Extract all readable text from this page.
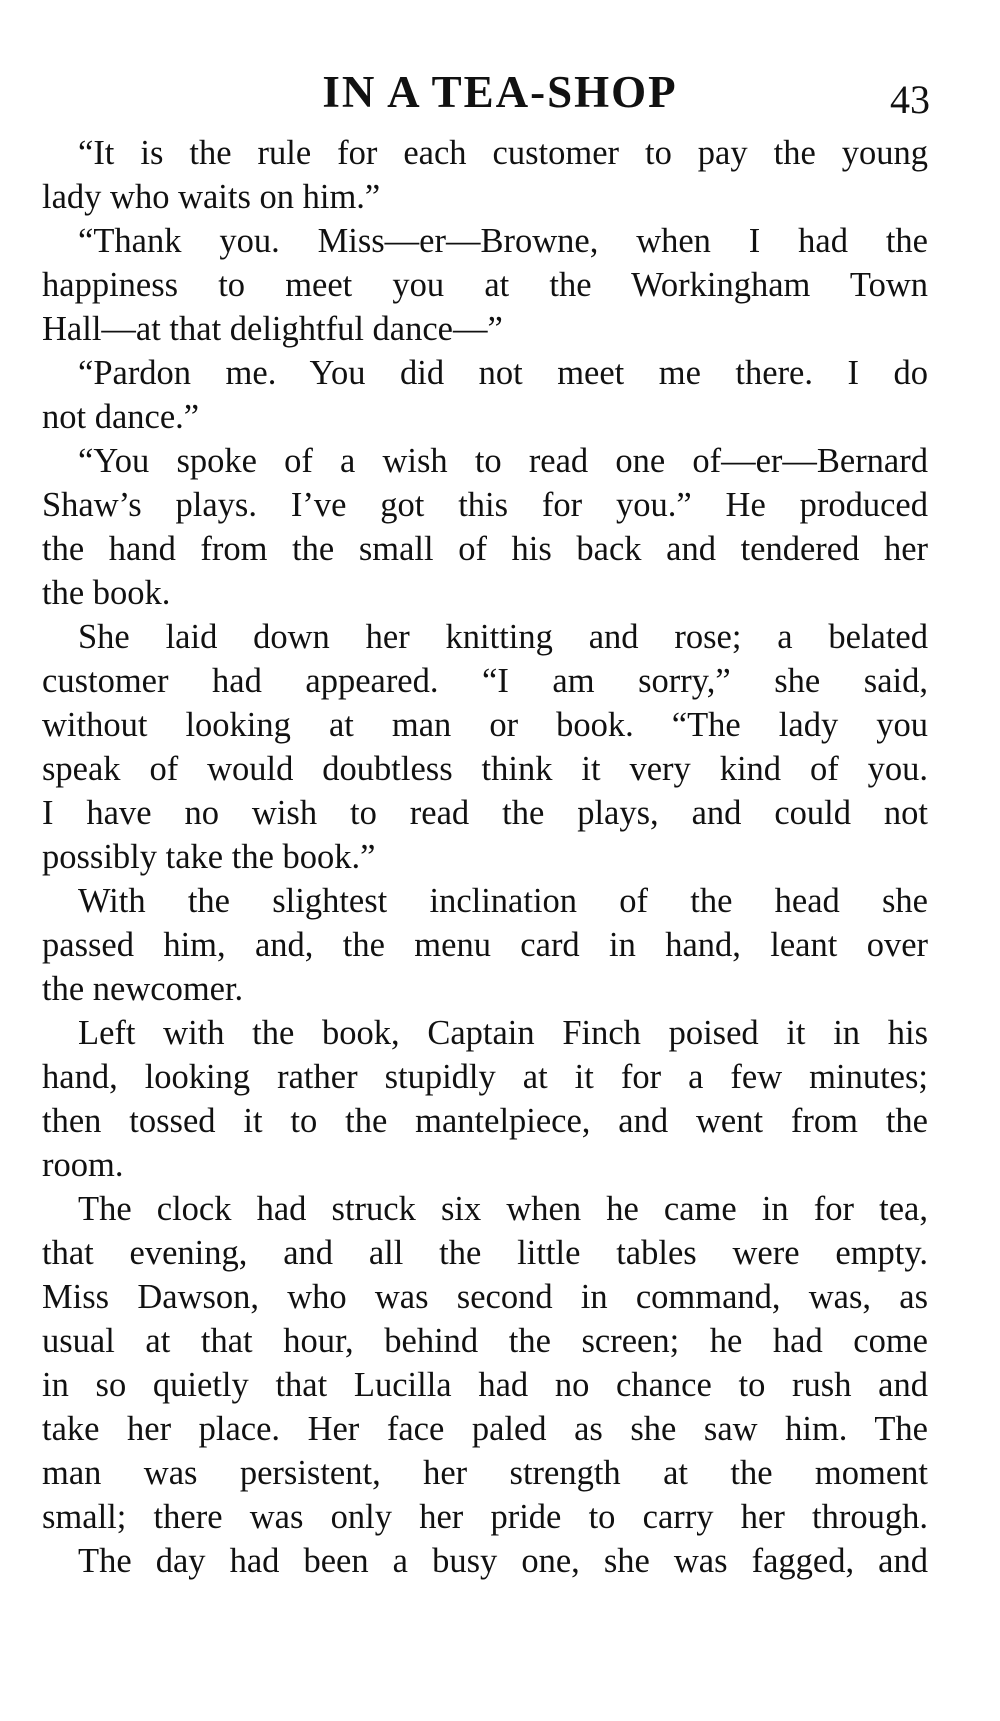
IN A TEA-SHOP	43
“It is the rule for each customer to pay the young
lady who waits on him.”
“Thank you. Miss—er—Browne, when I had the
happiness to meet you at the Workingham Town
Hall—at that delightful dance—”
“Pardon me. You did not meet me there. I do
not dance.”
“You spoke of a wish to read one of—er—Bernard
Shaw’s plays. I’ve got this for you.” He produced
the hand from the small of his back and tendered her
the book.
She laid down her knitting and rose; a belated
customer had appeared. “I am sorry,” she said,
without looking at man or book. “The lady you
speak of would doubtless think it very kind of you.
I have no wish to read the plays, and could not
possibly take the book.”
With the slightest inclination of the head she
passed him, and, the menu card in hand, leant over
the newcomer.
Left with the book, Captain Finch poised it in his
hand, looking rather stupidly at it for a few minutes;
then tossed it to the mantelpiece, and went from the
room.
The clock had struck six when he came in for tea,
that evening, and all the little tables were empty.
Miss Dawson, who was second in command, was, as
usual at that hour, behind the screen; he had come
in so quietly that Lucilla had no chance to rush and
take her place. Her face paled as she saw him. The
man was persistent, her strength at the moment
small; there was only her pride to carry her through.
The day had been a busy one, she was fagged, and
